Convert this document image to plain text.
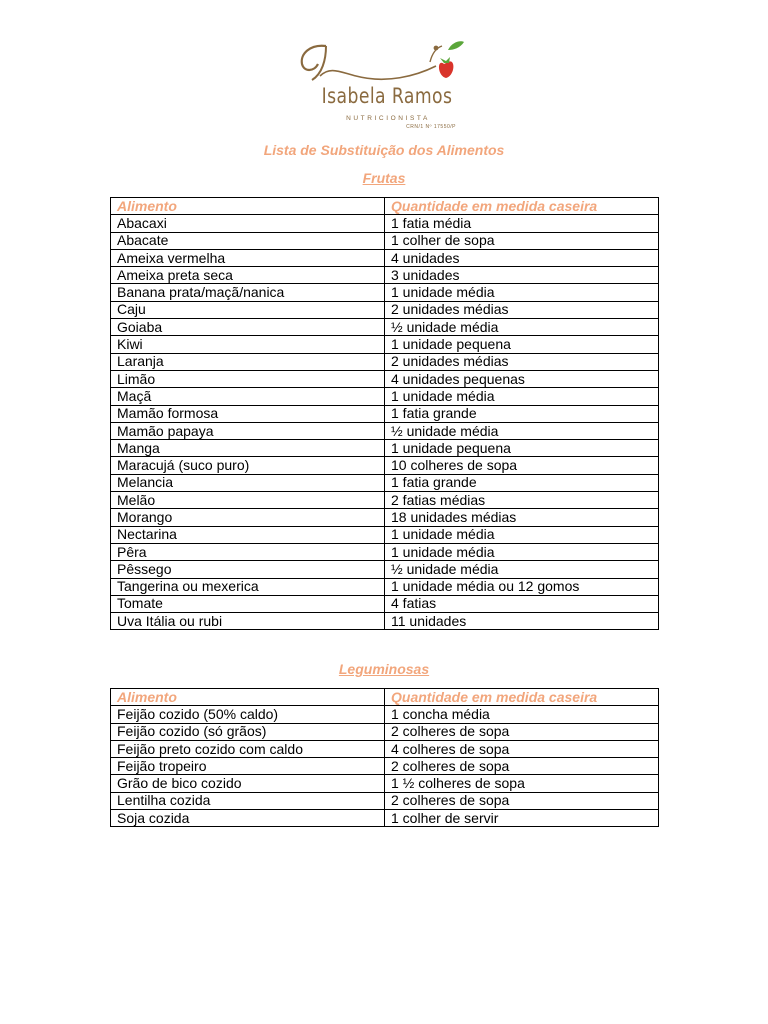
Isabela Ramos
NUTRICIONISTA
CRN/1 Nº 17550/P
Lista de Substituição dos Alimentos
Frutas
Alimento	Quantidade em medida caseira
Abacaxi	1 fatia média
Abacate	1 colher de sopa
Ameixa vermelha	4 unidades
Ameixa preta seca	3 unidades
Banana prata/maçã/nanica	1 unidade média
Caju	2 unidades médias
Goiaba	½ unidade média
Kiwi	1 unidade pequena
Laranja	2 unidades médias
Limão	4 unidades pequenas
Maçã	1 unidade média
Mamão formosa	1 fatia grande
Mamão papaya	½ unidade média
Manga	1 unidade pequena
Maracujá (suco puro)	10 colheres de sopa
Melancia	1 fatia grande
Melão	2 fatias médias
Morango	18 unidades médias
Nectarina	1 unidade média
Pêra	1 unidade média
Pêssego	½ unidade média
Tangerina ou mexerica	1 unidade média ou 12 gomos
Tomate	4 fatias
Uva Itália ou rubi	11 unidades
Leguminosas
Alimento	Quantidade em medida caseira
Feijão cozido (50% caldo)	1 concha média
Feijão cozido (só grãos)	2 colheres de sopa
Feijão preto cozido com caldo	4 colheres de sopa
Feijão tropeiro	2 colheres de sopa
Grão de bico cozido	1 ½ colheres de sopa
Lentilha cozida	2 colheres de sopa
Soja cozida	1 colher de servir
